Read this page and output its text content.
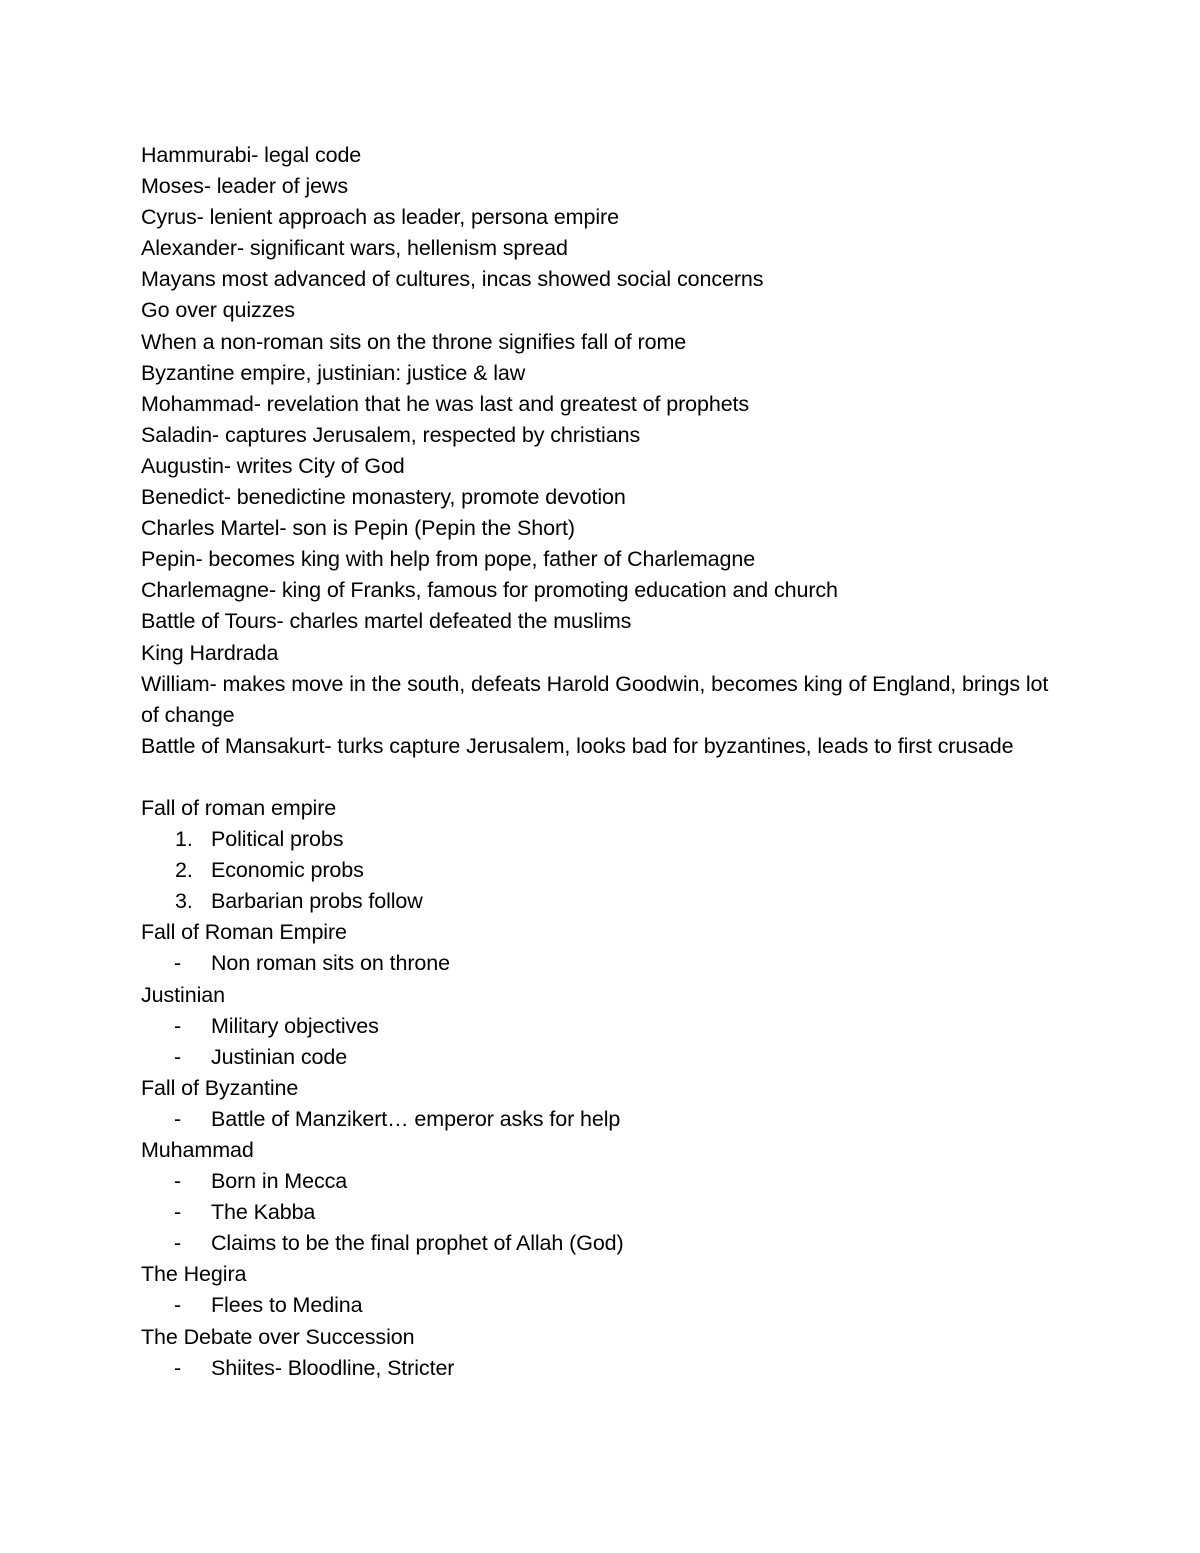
Hammurabi- legal code
Moses- leader of jews
Cyrus- lenient approach as leader, persona empire
Alexander- significant wars, hellenism spread
Mayans most advanced of cultures, incas showed social concerns
Go over quizzes
When a non-roman sits on the throne signifies fall of rome
Byzantine empire, justinian: justice & law
Mohammad- revelation that he was last and greatest of prophets
Saladin- captures Jerusalem, respected by christians
Augustin- writes City of God
Benedict- benedictine monastery, promote devotion
Charles Martel- son is Pepin (Pepin the Short)
Pepin- becomes king with help from pope, father of Charlemagne
Charlemagne- king of Franks, famous for promoting education and church
Battle of Tours- charles martel defeated the muslims
King Hardrada
William- makes move in the south, defeats Harold Goodwin, becomes king of England, brings lot of change
Battle of Mansakurt- turks capture Jerusalem, looks bad for byzantines, leads to first crusade
Fall of roman empire
1. Political probs
2. Economic probs
3. Barbarian probs follow
Fall of Roman Empire
- Non roman sits on throne
Justinian
- Military objectives
- Justinian code
Fall of Byzantine
- Battle of Manzikert… emperor asks for help
Muhammad
- Born in Mecca
- The Kabba
- Claims to be the final prophet of Allah (God)
The Hegira
- Flees to Medina
The Debate over Succession
- Shiites- Bloodline, Stricter
